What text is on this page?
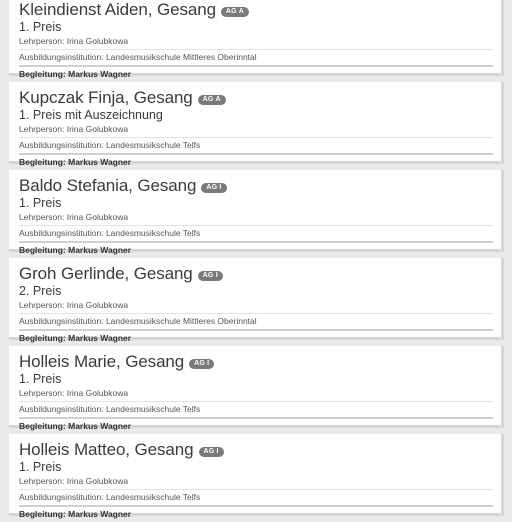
Kleindienst Aiden, Gesang	AG A
1. Preis
Lehrperson: Irina Golubkowa
Ausbildungsinstitution: Landesmusikschule Mittleres Oberinntal
Begleitung: Markus Wagner
Kupczak Finja, Gesang	AG A
1. Preis mit Auszeichnung
Lehrperson: Irina Golubkowa
Ausbildungsinstitution: Landesmusikschule Telfs
Begleitung: Markus Wagner
Baldo Stefania, Gesang	AG I
1. Preis
Lehrperson: Irina Golubkowa
Ausbildungsinstitution: Landesmusikschule Telfs
Begleitung: Markus Wagner
Groh Gerlinde, Gesang	AG I
2. Preis
Lehrperson: Irina Golubkowa
Ausbildungsinstitution: Landesmusikschule Mittleres Oberinntal
Begleitung: Markus Wagner
Holleis Marie, Gesang	AG I
1. Preis
Lehrperson: Irina Golubkowa
Ausbildungsinstitution: Landesmusikschule Telfs
Begleitung: Markus Wagner
Holleis Matteo, Gesang	AG I
1. Preis
Lehrperson: Irina Golubkowa
Ausbildungsinstitution: Landesmusikschule Telfs
Begleitung: Markus Wagner
